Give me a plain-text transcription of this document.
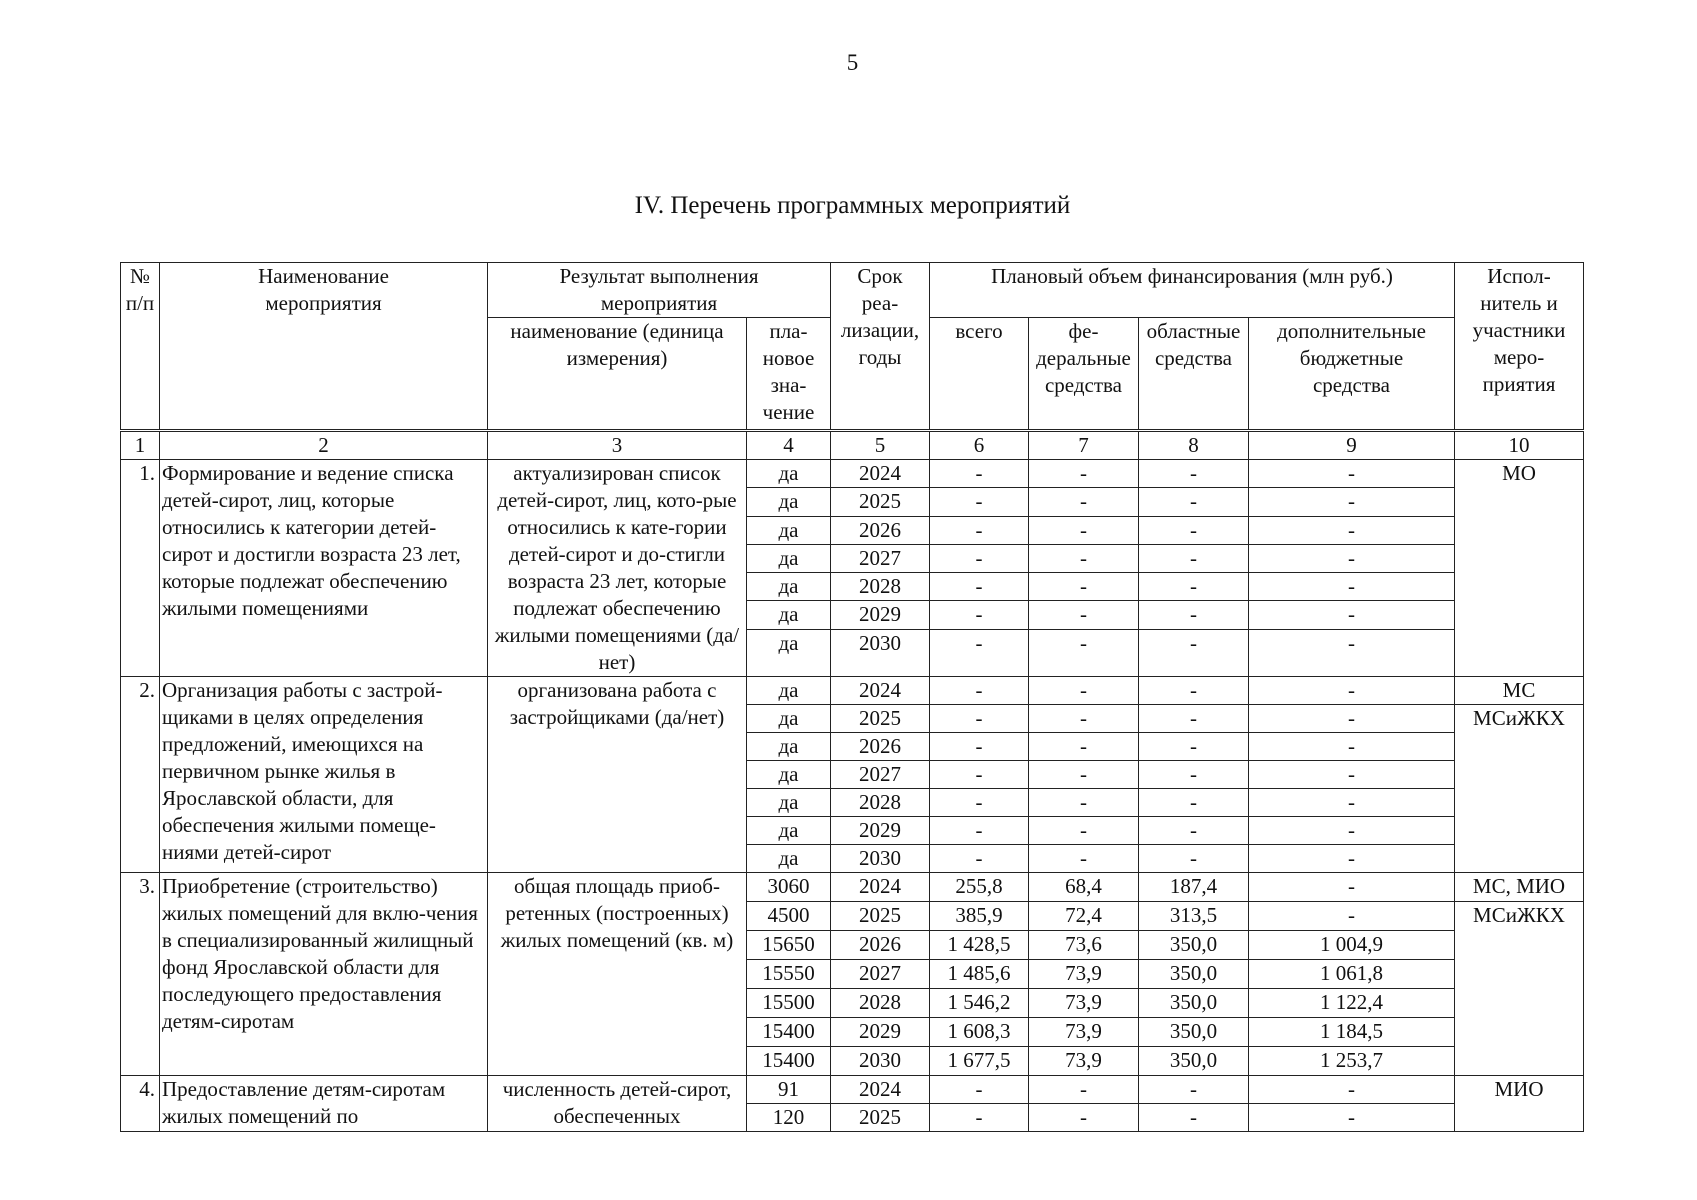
5
IV. Перечень программных мероприятий
№ п/п	Наименование мероприятия	Результат выполнения мероприятия		Срок реа-лизации, годы	Плановый объем финансирования (млн руб.)				Испол-нитель и участники меро-приятия
		наименование (единица измерения)	пла-новое зна-чение		всего	фе-деральные средства	областные средства	дополнительные бюджетные средства	
1	2	3	4	5	6	7	8	9	10
1.	Формирование и ведение списка детей-сирот, лиц, которые относились к категории детей-сирот и достигли возраста 23 лет, которые подлежат обеспечению жилыми помещениями	актуализирован список детей-сирот, лиц, кото-рые относились к кате-гории детей-сирот и до-стигли возраста 23 лет, которые подлежат обеспечению жилыми помещениями (да/нет)	да	2024	-	-	-	-	МО
			да	2025	-	-	-	-	
			да	2026	-	-	-	-	
			да	2027	-	-	-	-	
			да	2028	-	-	-	-	
			да	2029	-	-	-	-	
			да	2030	-	-	-	-	
2.	Организация работы с застрой-щиками в целях определения предложений, имеющихся на первичном рынке жилья в Ярославской области, для обеспечения жилыми помеще-ниями детей-сирот	организована работа с застройщиками (да/нет)	да	2024	-	-	-	-	МС
			да	2025	-	-	-	-	МСиЖКХ
			да	2026	-	-	-	-	
			да	2027	-	-	-	-	
			да	2028	-	-	-	-	
			да	2029	-	-	-	-	
			да	2030	-	-	-	-	
3.	Приобретение (строительство) жилых помещений для вклю-чения в специализированный жилищный фонд Ярославской области для последующего предоставления детям-сиротам	общая площадь приоб-ретенных (построенных) жилых помещений (кв. м)	3060	2024	255,8	68,4	187,4	-	МС, МИО
			4500	2025	385,9	72,4	313,5	-	МСиЖКХ
			15650	2026	1 428,5	73,6	350,0	1 004,9	
			15550	2027	1 485,6	73,9	350,0	1 061,8	
			15500	2028	1 546,2	73,9	350,0	1 122,4	
			15400	2029	1 608,3	73,9	350,0	1 184,5	
			15400	2030	1 677,5	73,9	350,0	1 253,7	
4.	Предоставление детям-сиротам жилых помещений по	численность детей-сирот, обеспеченных	91	2024	-	-	-	-	МИО
			120	2025	-	-	-	-	
